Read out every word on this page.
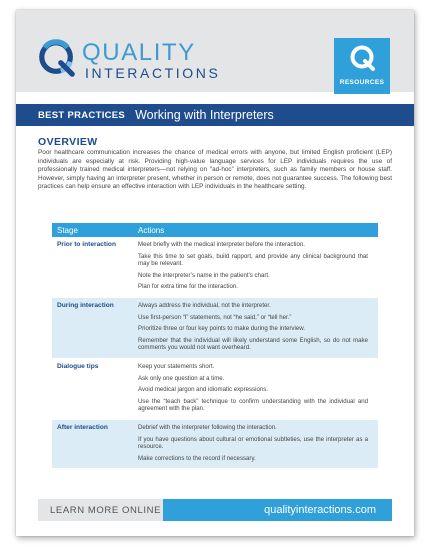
QUALITY
INTERACTIONS
RESOURCES
BEST PRACTICES Working with Interpreters
OVERVIEW

Poor healthcare communication increases the chance of medical errors with anyone, but limited English proficient (LEP) individuals are especially at risk. Providing high-value language services for LEP individuals requires the use of professionally trained medical interpreters—not relying on “ad-hoc” interpreters, such as family members or house staff. However, simply having an interpreter present, whether in person or remote, does not guarantee success. The following best practices can help ensure an effective interaction with LEP individuals in the healthcare setting.

Stage	Actions
Prior to interaction	Meet briefly with the medical interpreter before the interaction.

Take this time to set goals, build rapport, and provide any clinical background that may be relevant.

Note the interpreter’s name in the patient’s chart.

Plan for extra time for the interaction.

During interaction	Always address the individual, not the interpreter.

Use first-person “I” statements, not “he said,” or “tell her.”

Prioritize three or four key points to make during the interview.

Remember that the individual will likely understand some English, so do not make comments you would not want overheard.

Dialogue tips	Keep your statements short.

Ask only one question at a time.

Avoid medical jargon and idiomatic expressions.

Use the “teach back” technique to confirm understanding with the individual and agreement with the plan.

After interaction	Debrief with the interpreter following the interaction.

If you have questions about cultural or emotional subtleties, use the interpreter as a resource.

Make corrections to the record if necessary.

LEARN MORE ONLINE	qualityinteractions.com
